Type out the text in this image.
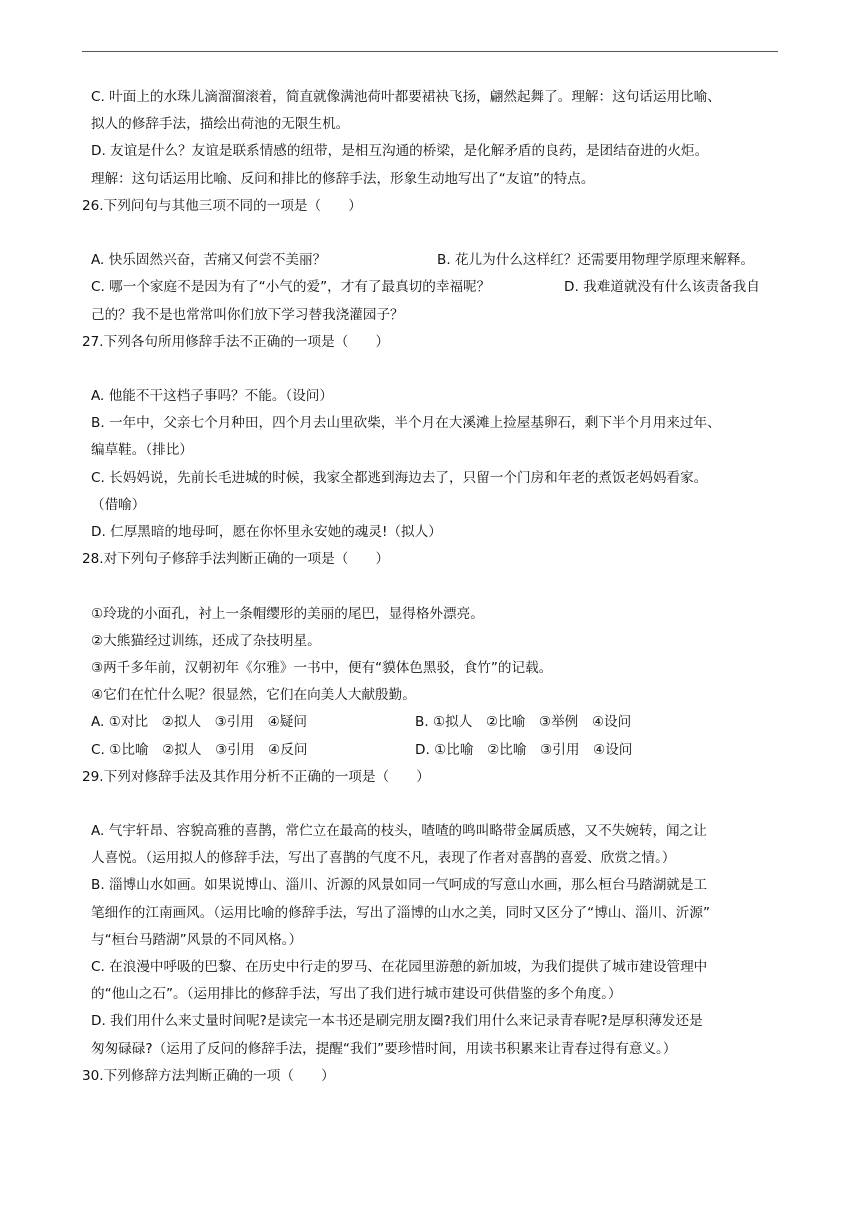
C. 叶面上的水珠儿滴溜溜滚着，简直就像满池荷叶都要裙袂飞扬，翩然起舞了。理解：这句话运用比喻、
拟人的修辞手法，描绘出荷池的无限生机。
D. 友谊是什么？友谊是联系情感的纽带，是相互沟通的桥梁，是化解矛盾的良药，是团结奋进的火炬。
理解：这句话运用比喻、反问和排比的修辞手法，形象生动地写出了“友谊”的特点。
26.下列问句与其他三项不同的一项是（　　）
A. 快乐固然兴奋，苦痛又何尝不美丽？	B. 花儿为什么这样红？还需要用物理学原理来解释。
C. 哪一个家庭不是因为有了“小气的爱”，才有了最真切的幸福呢？	D. 我难道就没有什么该责备我自
己的？我不是也常常叫你们放下学习替我浇灌园子？
27.下列各句所用修辞手法不正确的一项是（　　）
A. 他能不干这档子事吗？不能。（设问）
B. 一年中，父亲七个月种田，四个月去山里砍柴，半个月在大溪滩上捡屋基卵石，剩下半个月用来过年、
编草鞋。（排比）
C. 长妈妈说，先前长毛进城的时候，我家全都逃到海边去了，只留一个门房和年老的煮饭老妈妈看家。
（借喻）
D. 仁厚黑暗的地母呵，愿在你怀里永安她的魂灵!（拟人）
28.对下列句子修辞手法判断正确的一项是（　　）
①玲珑的小面孔，衬上一条帽缨形的美丽的尾巴，显得格外漂亮。
②大熊猫经过训练，还成了杂技明星。
③两千多年前，汉朝初年《尔雅》一书中，便有“貘体色黑驳，食竹”的记载。
④它们在忙什么呢？很显然，它们在向美人大献殷勤。
A. ①对比　②拟人　③引用　④疑问	B. ①拟人　②比喻　③举例　④设问
C. ①比喻　②拟人　③引用　④反问	D. ①比喻　②比喻　③引用　④设问
29.下列对修辞手法及其作用分析不正确的一项是（　　）
A. 气宇轩昂、容貌高雅的喜鹊，常伫立在最高的枝头，喳喳的鸣叫略带金属质感，又不失婉转，闻之让
人喜悦。（运用拟人的修辞手法，写出了喜鹊的气度不凡，表现了作者对喜鹊的喜爱、欣赏之情。）
B. 淄博山水如画。如果说博山、淄川、沂源的风景如同一气呵成的写意山水画，那么桓台马踏湖就是工
笔细作的江南画风。（运用比喻的修辞手法，写出了淄博的山水之美，同时又区分了“博山、淄川、沂源”
与“桓台马踏湖”风景的不同风格。）
C. 在浪漫中呼吸的巴黎、在历史中行走的罗马、在花园里游憩的新加坡，为我们提供了城市建设管理中
的“他山之石”。（运用排比的修辞手法，写出了我们进行城市建设可供借鉴的多个角度。）
D. 我们用什么来丈量时间呢?是读完一本书还是刷完朋友圈?我们用什么来记录青春呢?是厚积薄发还是
匆匆碌碌?（运用了反问的修辞手法，提醒“我们”要珍惜时间，用读书积累来让青春过得有意义。）
30.下列修辞方法判断正确的一项（　　）
